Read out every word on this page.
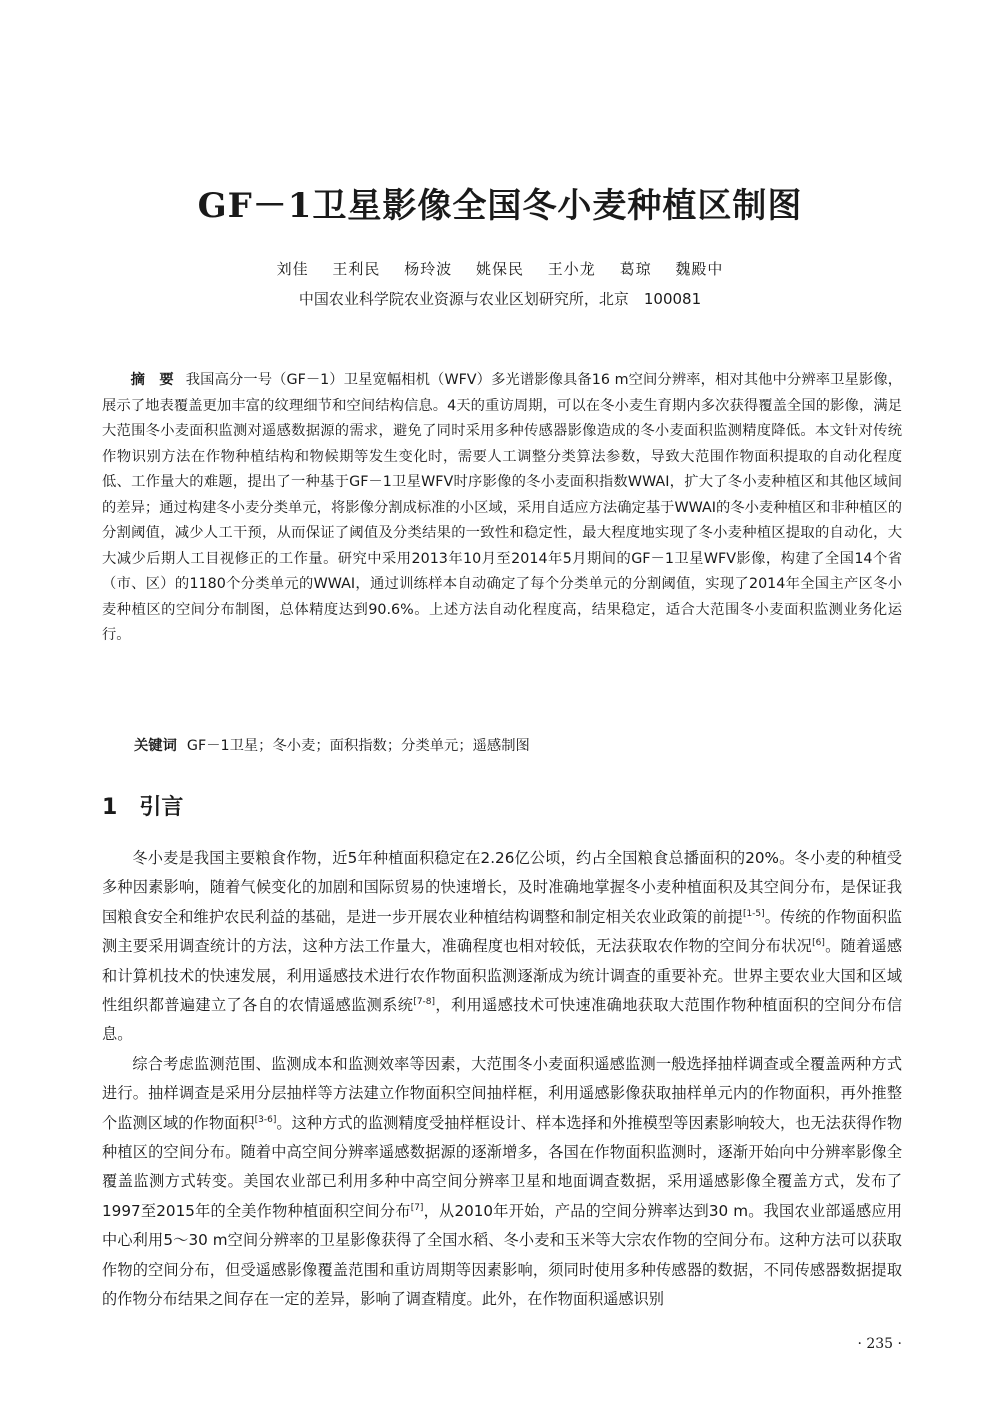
GF－1卫星影像全国冬小麦种植区制图
刘佳 王利民 杨玲波 姚保民 王小龙 葛琼 魏殿中
中国农业科学院农业资源与农业区划研究所，北京　100081
摘　要 我国高分一号（GF－1）卫星宽幅相机（WFV）多光谱影像具备16 m空间分辨率，相对其他中分辨率卫星影像，展示了地表覆盖更加丰富的纹理细节和空间结构信息。4天的重访周期，可以在冬小麦生育期内多次获得覆盖全国的影像，满足大范围冬小麦面积监测对遥感数据源的需求，避免了同时采用多种传感器影像造成的冬小麦面积监测精度降低。本文针对传统作物识别方法在作物种植结构和物候期等发生变化时，需要人工调整分类算法参数，导致大范围作物面积提取的自动化程度低、工作量大的难题，提出了一种基于GF－1卫星WFV时序影像的冬小麦面积指数WWAI，扩大了冬小麦种植区和其他区域间的差异；通过构建冬小麦分类单元，将影像分割成标准的小区域，采用自适应方法确定基于WWAI的冬小麦种植区和非种植区的分割阈值，减少人工干预，从而保证了阈值及分类结果的一致性和稳定性，最大程度地实现了冬小麦种植区提取的自动化，大大减少后期人工目视修正的工作量。研究中采用2013年10月至2014年5月期间的GF－1卫星WFV影像，构建了全国14个省（市、区）的1180个分类单元的WWAI，通过训练样本自动确定了每个分类单元的分割阈值，实现了2014年全国主产区冬小麦种植区的空间分布制图，总体精度达到90.6%。上述方法自动化程度高，结果稳定，适合大范围冬小麦面积监测业务化运行。
关键词 GF－1卫星；冬小麦；面积指数；分类单元；遥感制图
1 引言

冬小麦是我国主要粮食作物，近5年种植面积稳定在2.26亿公顷，约占全国粮食总播面积的20%。冬小麦的种植受多种因素影响，随着气候变化的加剧和国际贸易的快速增长，及时准确地掌握冬小麦种植面积及其空间分布，是保证我国粮食安全和维护农民利益的基础，是进一步开展农业种植结构调整和制定相关农业政策的前提[1-5]。传统的作物面积监测主要采用调查统计的方法，这种方法工作量大，准确程度也相对较低，无法获取农作物的空间分布状况[6]。随着遥感和计算机技术的快速发展，利用遥感技术进行农作物面积监测逐渐成为统计调查的重要补充。世界主要农业大国和区域性组织都普遍建立了各自的农情遥感监测系统[7-8]，利用遥感技术可快速准确地获取大范围作物种植面积的空间分布信息。

综合考虑监测范围、监测成本和监测效率等因素，大范围冬小麦面积遥感监测一般选择抽样调查或全覆盖两种方式进行。抽样调查是采用分层抽样等方法建立作物面积空间抽样框，利用遥感影像获取抽样单元内的作物面积，再外推整个监测区域的作物面积[3-6]。这种方式的监测精度受抽样框设计、样本选择和外推模型等因素影响较大，也无法获得作物种植区的空间分布。随着中高空间分辨率遥感数据源的逐渐增多，各国在作物面积监测时，逐渐开始向中分辨率影像全覆盖监测方式转变。美国农业部已利用多种中高空间分辨率卫星和地面调查数据，采用遥感影像全覆盖方式，发布了1997至2015年的全美作物种植面积空间分布[7]，从2010年开始，产品的空间分辨率达到30 m。我国农业部遥感应用中心利用5～30 m空间分辨率的卫星影像获得了全国水稻、冬小麦和玉米等大宗农作物的空间分布。这种方法可以获取作物的空间分布，但受遥感影像覆盖范围和重访周期等因素影响，须同时使用多种传感器的数据，不同传感器数据提取的作物分布结果之间存在一定的差异，影响了调查精度。此外，在作物面积遥感识别

· 235 ·
